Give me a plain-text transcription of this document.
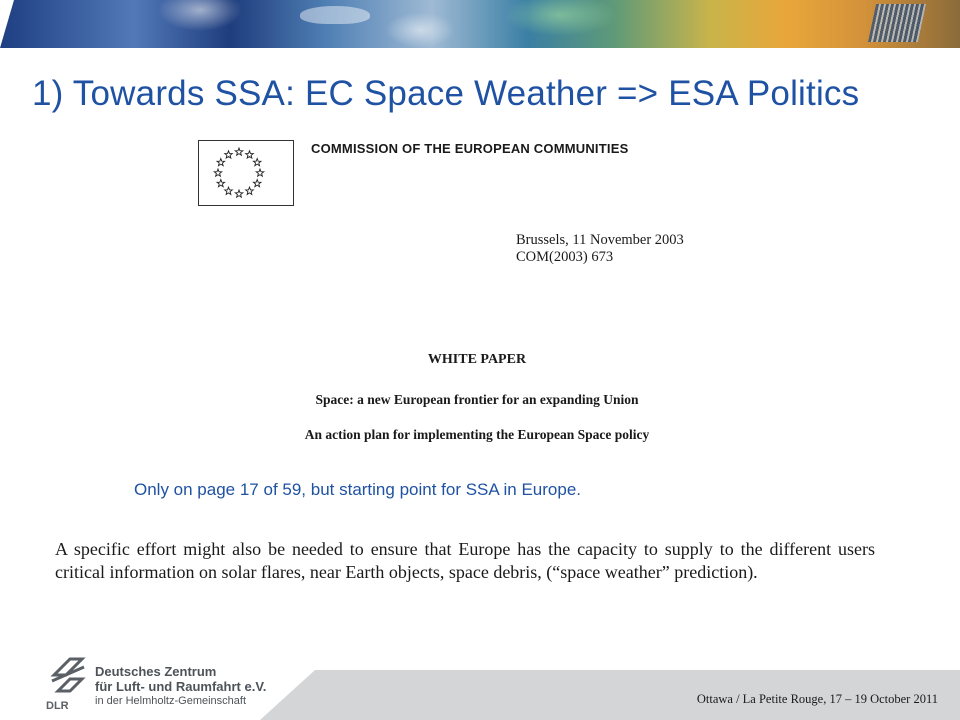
1) Towards SSA: EC Space Weather => ESA Politics
COMMISSION OF THE EUROPEAN COMMUNITIES
Brussels, 11 November 2003
COM(2003) 673
WHITE PAPER
Space: a new European frontier for an expanding Union
An action plan for implementing the European Space policy
Only on page 17 of 59, but starting point for SSA in Europe.
A specific effort might also be needed to ensure that Europe has the capacity to supply to the different users critical information on solar flares, near Earth objects, space debris, (“space weather” prediction).
DLR
Deutsches Zentrum
für Luft- und Raumfahrt e.V.
in der Helmholtz-Gemeinschaft	Ottawa / La Petite Rouge, 17 – 19 October 2011
